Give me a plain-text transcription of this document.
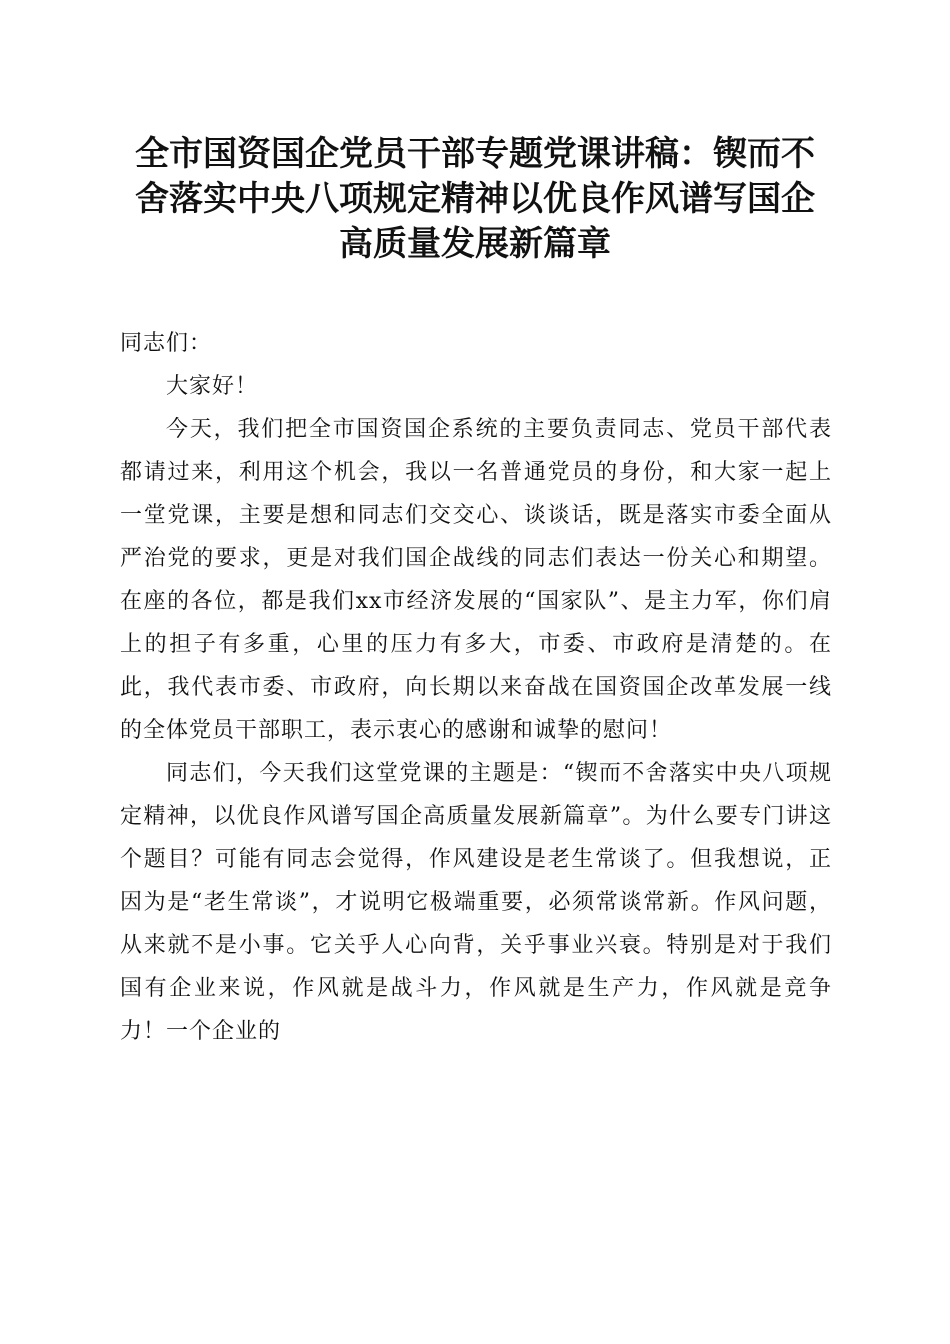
全市国资国企党员干部专题党课讲稿：锲而不
舍落实中央八项规定精神以优良作风谱写国企
高质量发展新篇章

同志们：

大家好！

今天，我们把全市国资国企系统的主要负责同志、党员干部代表都请过来，利用这个机会，我以一名普通党员的身份，和大家一起上一堂党课，主要是想和同志们交交心、谈谈话，既是落实市委全面从严治党的要求，更是对我们国企战线的同志们表达一份关心和期望。在座的各位，都是我们xx市经济发展的“国家队”、是主力军，你们肩上的担子有多重，心里的压力有多大，市委、市政府是清楚的。在此，我代表市委、市政府，向长期以来奋战在国资国企改革发展一线的全体党员干部职工，表示衷心的感谢和诚挚的慰问！

同志们，今天我们这堂党课的主题是：“锲而不舍落实中央八项规定精神，以优良作风谱写国企高质量发展新篇章”。为什么要专门讲这个题目？可能有同志会觉得，作风建设是老生常谈了。但我想说，正因为是“老生常谈”，才说明它极端重要，必须常谈常新。作风问题，从来就不是小事。它关乎人心向背，关乎事业兴衰。特别是对于我们国有企业来说，作风就是战斗力，作风就是生产力，作风就是竞争力！一个企业的
